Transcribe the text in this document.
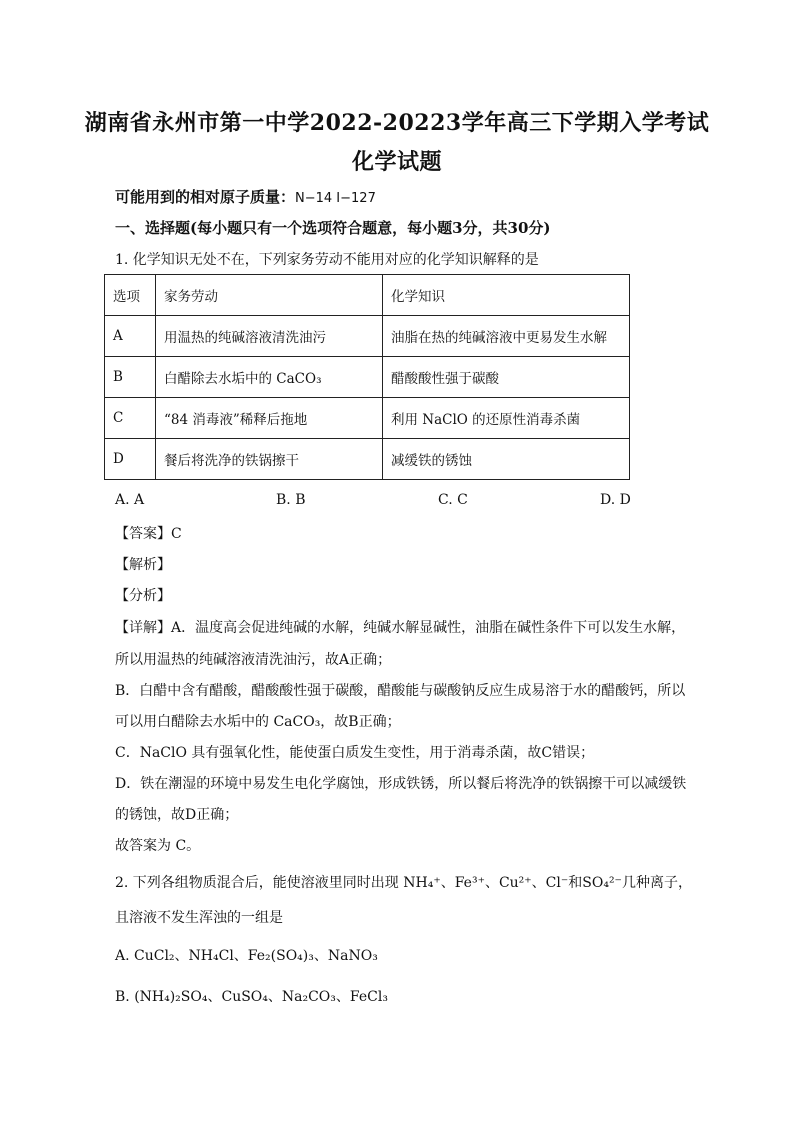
湖南省永州市第一中学2022-20223学年高三下学期入学考试
化学试题
可能用到的相对原子质量：N−14 I−127
一、选择题(每小题只有一个选项符合题意，每小题3分，共30分)
1. 化学知识无处不在，下列家务劳动不能用对应的化学知识解释的是
选项	家务劳动	化学知识
A	用温热的纯碱溶液清洗油污	油脂在热的纯碱溶液中更易发生水解
B	白醋除去水垢中的 CaCO₃	醋酸酸性强于碳酸
C	“84 消毒液”稀释后拖地	利用 NaClO 的还原性消毒杀菌
D	餐后将洗净的铁锅擦干	减缓铁的锈蚀
A. A	B. B	C. C	D. D
【答案】C
【解析】
【分析】
【详解】A．温度高会促进纯碱的水解，纯碱水解显碱性，油脂在碱性条件下可以发生水解，
所以用温热的纯碱溶液清洗油污，故A正确；
B．白醋中含有醋酸，醋酸酸性强于碳酸，醋酸能与碳酸钠反应生成易溶于水的醋酸钙，所以
可以用白醋除去水垢中的 CaCO₃，故B正确；
C．NaClO 具有强氧化性，能使蛋白质发生变性，用于消毒杀菌，故C错误；
D．铁在潮湿的环境中易发生电化学腐蚀，形成铁锈，所以餐后将洗净的铁锅擦干可以减缓铁
的锈蚀，故D正确；
故答案为 C。
2. 下列各组物质混合后，能使溶液里同时出现 NH₄⁺、Fe³⁺、Cu²⁺、Cl⁻和SO₄²⁻几种离子，
且溶液不发生浑浊的一组是
A. CuCl₂、NH₄Cl、Fe₂(SO₄)₃、NaNO₃
B. (NH₄)₂SO₄、CuSO₄、Na₂CO₃、FeCl₃
